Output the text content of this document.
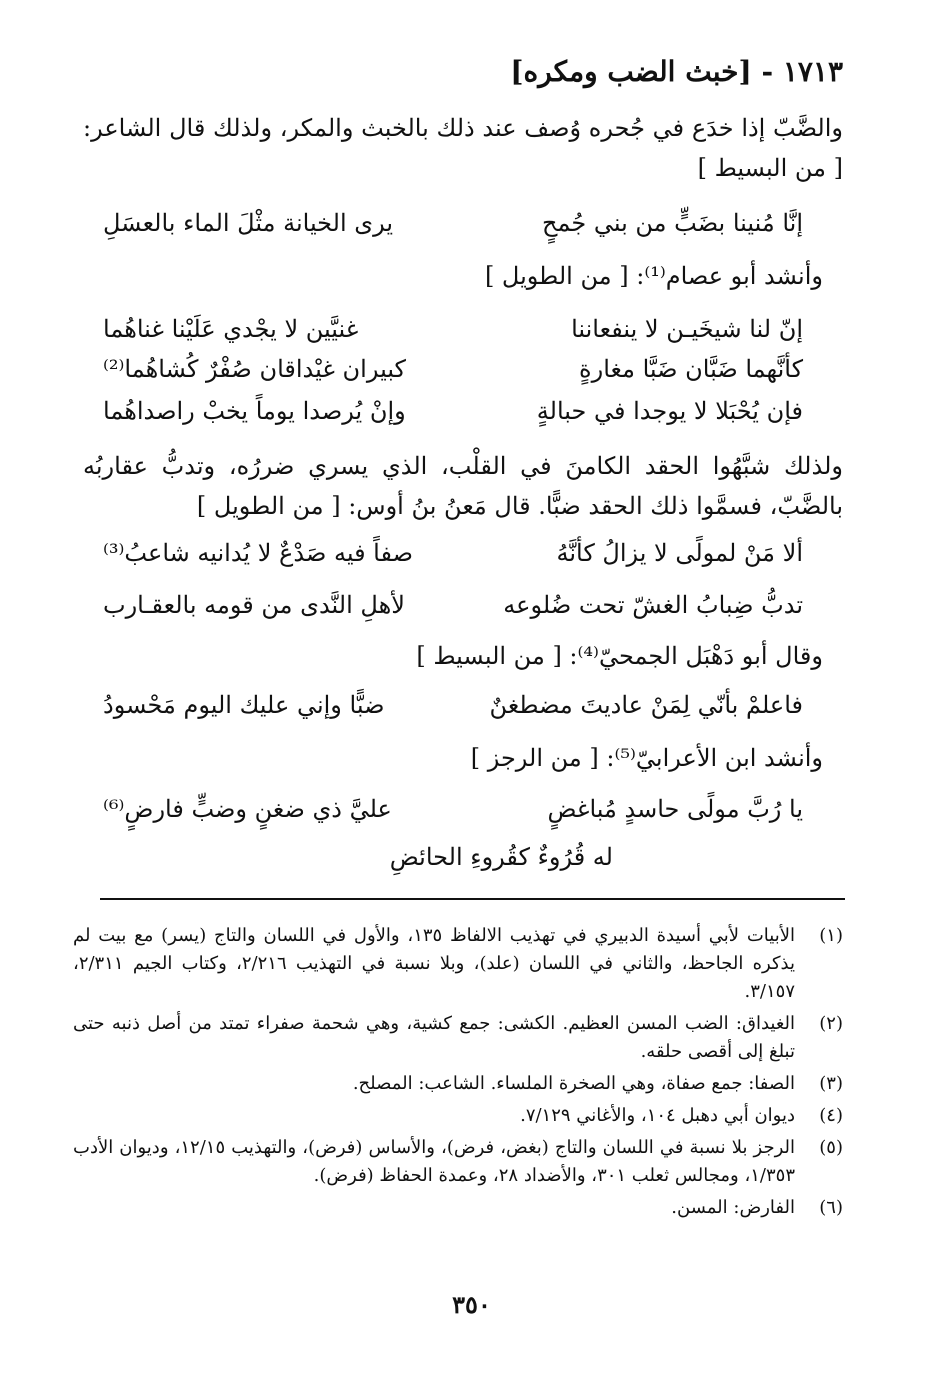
١٧١٣ - [خبث الضب ومكره]

والضَّبّ إذا خدَع في جُحره وُصف عند ذلك بالخبث والمكر، ولذلك قال الشاعر: [ من البسيط ]

إنَّا مُنينا بضَبٍّ من بني جُمحٍ
يرى الخيانة مثْلَ الماء بالعسَلِ
وأنشد أبو عصام⁽¹⁾: [ من الطويل ]
إنّ لنا شيخَيـن لا ينفعاننا
غنيَّين لا يجْدي عَلَيْنا غناهُما
كأنَّهما ضَبَّان ضَبَّا مغارةٍ
كبيران غيْداقان صُفْرٌ كُشاهُما⁽²⁾
فإن يُحْبَلا لا يوجدا في حبالةٍ
وإنْ يُرصدا يوماً يخبْ راصداهُما

ولذلك شبَّهُوا الحقد الكامنَ في القلْب، الذي يسري ضررُه، وتدبُّ عقاربُه بالضَّبّ، فسمَّوا ذلك الحقد ضبًّا. قال مَعنُ بنُ أوس: [ من الطويل ]

ألا مَنْ لمولًى لا يزالُ كأنَّهُ
صفاً فيه صَدْعٌ لا يُدانيه شاعبُ⁽³⁾
تدبُّ ضِبابُ الغشّ تحت ضُلوعه
لأهلِ النَّدى من قومه بالعقـارب
وقال أبو دَهْبَل الجمحيّ⁽⁴⁾: [ من البسيط ]
فاعلمْ بأنّي لِمَنْ عاديتَ مضطغنٌ
ضبًّا وإني عليك اليوم مَحْسودُ
وأنشد ابن الأعرابيّ⁽⁵⁾: [ من الرجز ]
يا رُبَّ مولًى حاسدٍ مُباغضٍ
عليَّ ذي ضغنٍ وضبٍّ فارضٍ⁽⁶⁾
له قُرُوءٌ كقُروءِ الحائضِ
(١)
الأبيات لأبي أسيدة الدبيري في تهذيب الالفاظ ١٣٥، والأول في اللسان والتاج (يسر) مع بيت لم يذكره الجاحظ، والثاني في اللسان (علد)، وبلا نسبة في التهذيب ٢/٢١٦، وكتاب الجيم ٢/٣١١، ٣/١٥٧.
(٢)
الغيداق: الضب المسن العظيم. الكشى: جمع كشية، وهي شحمة صفراء تمتد من أصل ذنبه حتى تبلغ إلى أقصى حلقه.
(٣)
الصفا: جمع صفاة، وهي الصخرة الملساء. الشاعب: المصلح.
(٤)
ديوان أبي دهبل ١٠٤، والأغاني ٧/١٢٩.
(٥)
الرجز بلا نسبة في اللسان والتاج (بغض، فرض)، والأساس (فرض)، والتهذيب ١٢/١٥، وديوان الأدب ١/٣٥٣، ومجالس ثعلب ٣٠١، والأضداد ٢٨، وعمدة الحفاظ (فرض).
(٦)
الفارض: المسن.
٣٥٠
